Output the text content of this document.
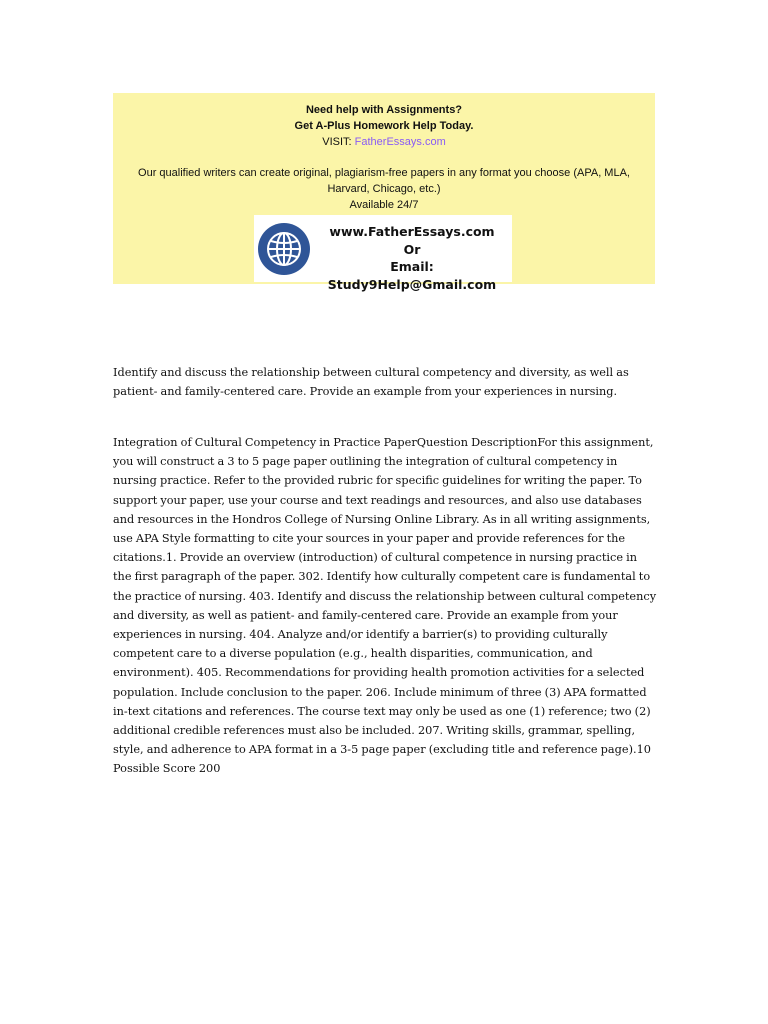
Need help with Assignments?

Get A-Plus Homework Help Today.

VISIT: FatherEssays.com

Our qualified writers can create original, plagiarism-free papers in any format you choose (APA, MLA, Harvard, Chicago, etc.)

Available 24/7

www.FatherEssays.com
Or
Email: Study9Help@Gmail.com

Identify and discuss the relationship between cultural competency and diversity, as well as patient- and family-centered care. Provide an example from your experiences in nursing.

Integration of Cultural Competency in Practice PaperQuestion DescriptionFor this assignment, you will construct a 3 to 5 page paper outlining the integration of cultural competency in nursing practice. Refer to the provided rubric for specific guidelines for writing the paper. To support your paper, use your course and text readings and resources, and also use databases and resources in the Hondros College of Nursing Online Library. As in all writing assignments, use APA Style formatting to cite your sources in your paper and provide references for the citations.1. Provide an overview (introduction) of cultural competence in nursing practice in the first paragraph of the paper. 302. Identify how culturally competent care is fundamental to the practice of nursing. 403. Identify and discuss the relationship between cultural competency and diversity, as well as patient- and family-centered care. Provide an example from your experiences in nursing. 404. Analyze and/or identify a barrier(s) to providing culturally competent care to a diverse population (e.g., health disparities, communication, and environment). 405. Recommendations for providing health promotion activities for a selected population. Include conclusion to the paper. 206. Include minimum of three (3) APA formatted in-text citations and references. The course text may only be used as one (1) reference; two (2) additional credible references must also be included. 207. Writing skills, grammar, spelling, style, and adherence to APA format in a 3-5 page paper (excluding title and reference page).10 Possible Score 200
